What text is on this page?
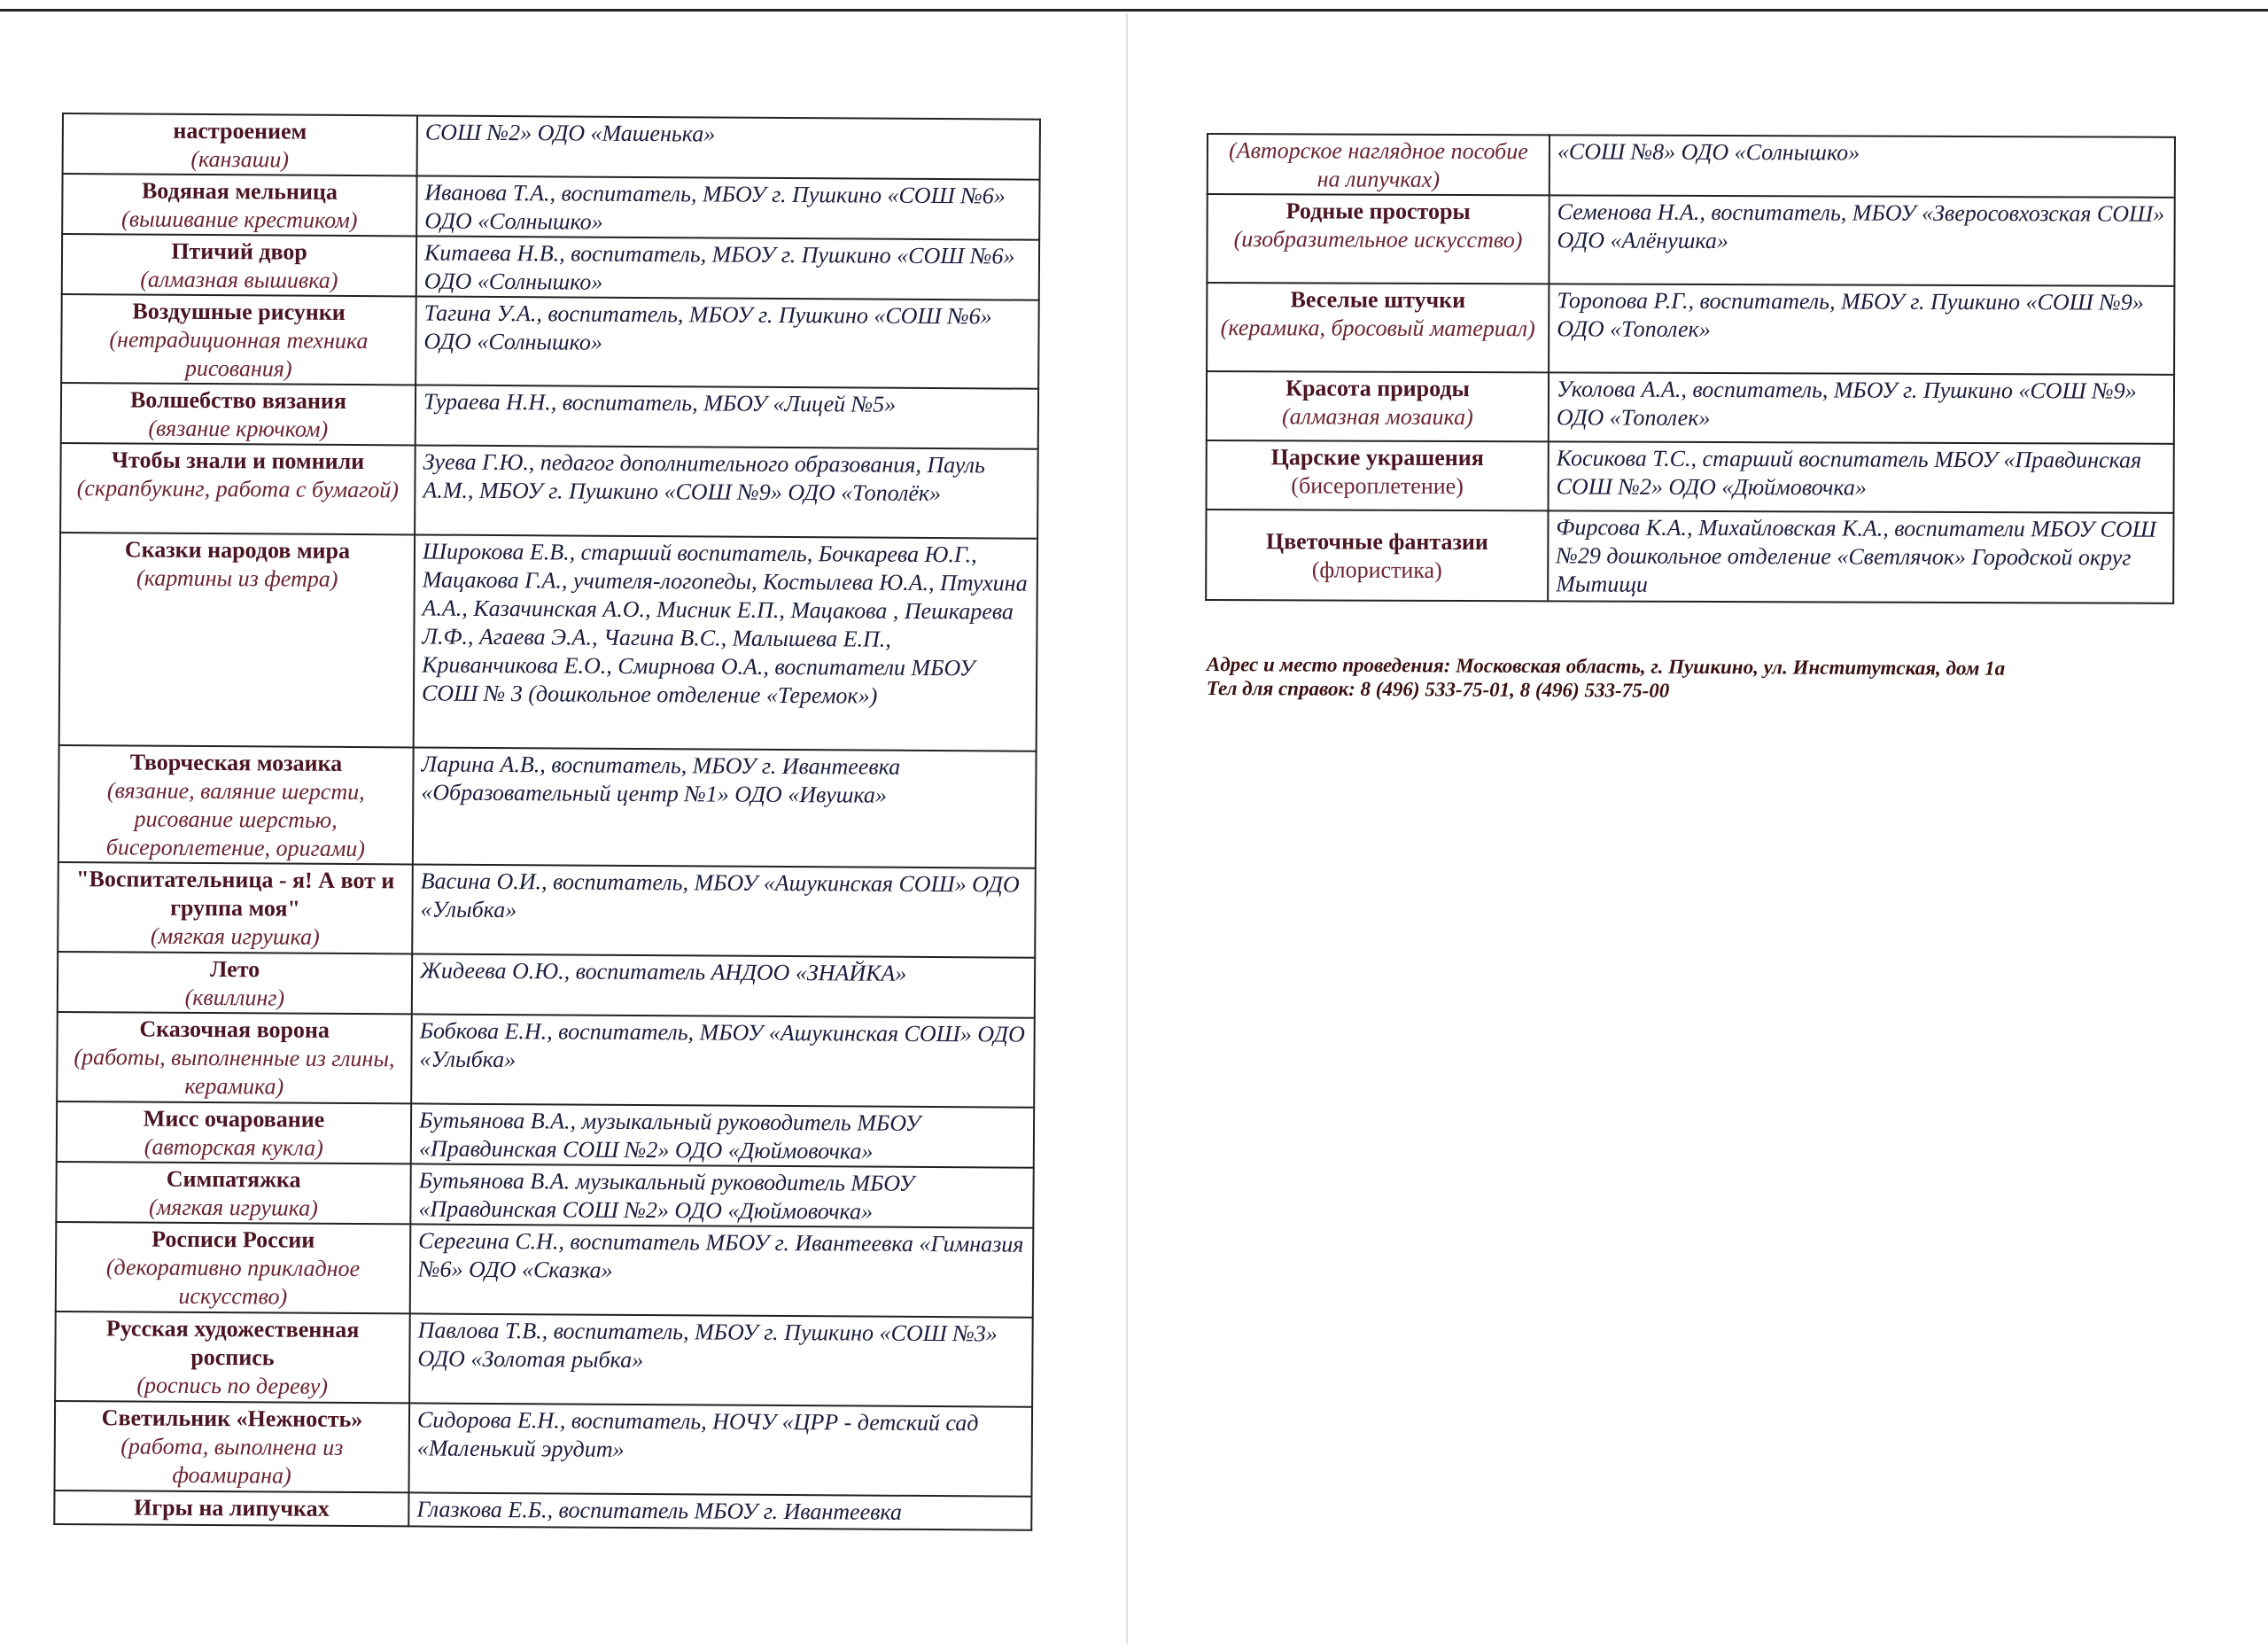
настроением
(канзаши)	СОШ №2» ОДО «Машенька»

Водяная мельница
(вышивание крестиком)	Иванова Т.А., воспитатель, МБОУ г. Пушкино «СОШ №6» ОДО «Солнышко»

Птичий двор
(алмазная вышивка)	Китаева Н.В., воспитатель, МБОУ г. Пушкино «СОШ №6» ОДО «Солнышко»

Воздушные рисунки
(нетрадиционная техника рисования)	Тагина У.А., воспитатель, МБОУ г. Пушкино «СОШ №6» ОДО «Солнышко»

Волшебство вязания
(вязание крючком)	Тураева Н.Н., воспитатель, МБОУ «Лицей №5»

Чтобы знали и помнили
(скрапбукинг, работа с бумагой)	Зуева Г.Ю., педагог дополнительного образования, Пауль А.М., МБОУ г. Пушкино «СОШ №9» ОДО «Тополёк»

Сказки народов мира
(картины из фетра)	Широкова Е.В., старший воспитатель, Бочкарева Ю.Г., Мацакова Г.А., учителя-логопеды, Костылева Ю.А., Птухина А.А., Казачинская А.О., Мисник Е.П., Мацакова , Пешкарева Л.Ф., Агаева Э.А., Чагина В.С., Малышева Е.П., Криванчикова Е.О., Смирнова О.А., воспитатели МБОУ СОШ № 3 (дошкольное отделение «Теремок»)

Творческая мозаика
(вязание, валяние шерсти, рисование шерстью, бисероплетение, оригами)	Ларина А.В., воспитатель, МБОУ г. Ивантеевка «Образовательный центр №1» ОДО «Ивушка»

"Воспитательница - я! А вот и группа моя"
(мягкая игрушка)	Васина О.И., воспитатель, МБОУ «Ашукинская СОШ» ОДО «Улыбка»

Лето
(квиллинг)	Жидеева О.Ю., воспитатель АНДОО «ЗНАЙКА»

Сказочная ворона
(работы, выполненные из глины, керамика)	Бобкова Е.Н., воспитатель, МБОУ «Ашукинская СОШ» ОДО «Улыбка»

Мисс очарование
(авторская кукла)	Бутьянова В.А., музыкальный руководитель МБОУ «Правдинская СОШ №2» ОДО «Дюймовочка»

Симпатяжка
(мягкая игрушка)	Бутьянова В.А. музыкальный руководитель МБОУ «Правдинская СОШ №2» ОДО «Дюймовочка»

Росписи России
(декоративно прикладное искусство)	Серегина С.Н., воспитатель МБОУ г. Ивантеевка «Гимназия №6» ОДО «Сказка»

Русская художественная роспись
(роспись по дереву)	Павлова Т.В., воспитатель, МБОУ г. Пушкино «СОШ №3» ОДО «Золотая рыбка»

Светильник «Нежность»
(работа, выполнена из фоамирана)	Сидорова Е.Н., воспитатель, НОЧУ «ЦРР - детский сад «Маленький эрудит»

Игры на липучках	Глазкова Е.Б., воспитатель МБОУ г. Ивантеевка
(Авторское наглядное пособие на липучках)	«СОШ №8» ОДО «Солнышко»

Родные просторы
(изобразительное искусство)	Семенова Н.А., воспитатель, МБОУ «Зверосовхозская СОШ» ОДО «Алёнушка»

Веселые штучки
(керамика, бросовый материал)	Торопова Р.Г., воспитатель, МБОУ г. Пушкино «СОШ №9» ОДО «Тополек»

Красота природы
(алмазная мозаика)	Уколова А.А., воспитатель, МБОУ г. Пушкино «СОШ №9» ОДО «Тополек»

Царские украшения
(бисероплетение)	Косикова Т.С., старший воспитатель МБОУ «Правдинская СОШ №2» ОДО «Дюймовочка»

Цветочные фантазии
(флористика)	Фирсова К.А., Михайловская К.А., воспитатели МБОУ СОШ №29 дошкольное отделение «Светлячок» Городской округ Мытищи
Адрес и место проведения: Московская область, г. Пушкино, ул. Институтская, дом 1а
Тел для справок: 8 (496) 533-75-01, 8 (496) 533-75-00
